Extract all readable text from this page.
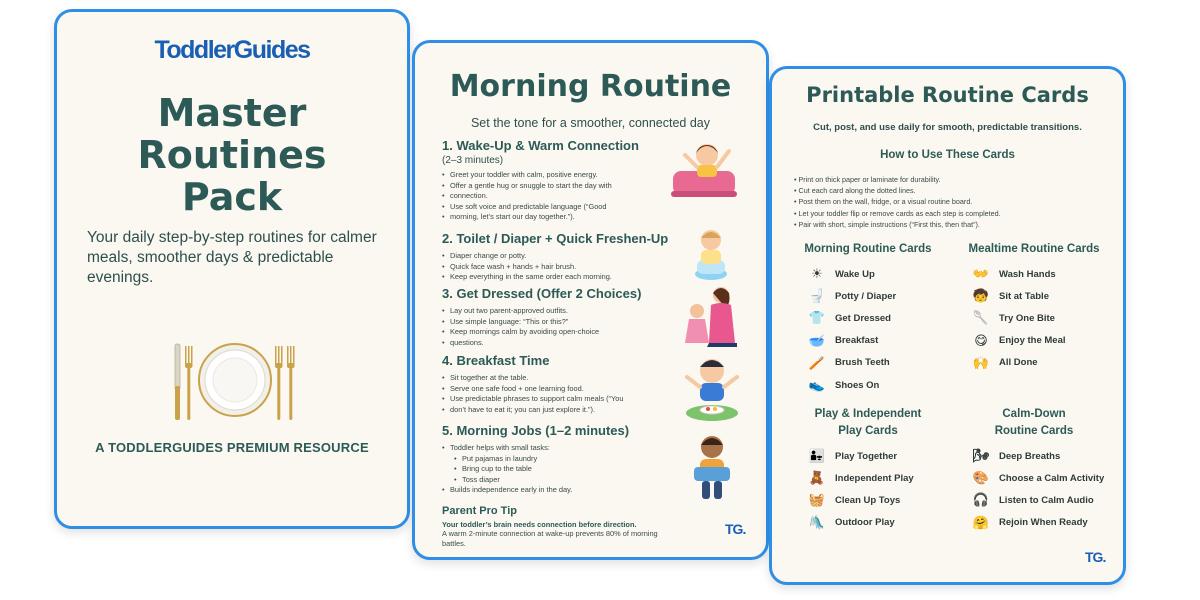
ToddlerGuides
Master
Routines
Pack
Your daily step-by-step routines for calmer meals, smoother days & predictable evenings.
A TODDLERGUIDES PREMIUM RESOURCE
Morning Routine
Set the tone for a smoother, connected day
1. Wake-Up & Warm Connection
(2–3 minutes)
• Greet your toddler with calm, positive energy.
• Offer a gentle hug or snuggle to start the day with
• connection.
• Use soft voice and predictable language (“Good
• morning, let’s start our day together.”).
2. Toilet / Diaper + Quick Freshen-Up
• Diaper change or potty.
• Quick face wash + hands + hair brush.
• Keep everything in the same order each morning.
3. Get Dressed (Offer 2 Choices)
• Lay out two parent-approved outfits.
• Use simple language: “This or this?”
• Keep mornings calm by avoiding open-choice
• questions.
4. Breakfast Time
• Sit together at the table.
• Serve one safe food + one learning food.
• Use predictable phrases to support calm meals (“You
• don’t have to eat it; you can just explore it.”).
5. Morning Jobs (1–2 minutes)
• Toddler helps with small tasks:
• Put pajamas in laundry
• Bring cup to the table
• Toss diaper
• Builds independence early in the day.
Parent Pro Tip
Your toddler’s brain needs connection before direction.
A warm 2-minute connection at wake-up prevents 80% of morning
battles.
TG.
Printable Routine Cards
Cut, post, and use daily for smooth, predictable transitions.
How to Use These Cards
• Print on thick paper or laminate for durability.
• Cut each card along the dotted lines.
• Post them on the wall, fridge, or a visual routine board.
• Let your toddler flip or remove cards as each step is completed.
• Pair with short, simple instructions (“First this, then that”).
Morning Routine Cards
☀	Wake Up
🚽 Potty / Diaper
👕 Get Dressed
🥣 Breakfast
🪥 Brush Teeth
👟 Shoes On
Mealtime Routine Cards
👐 Wash Hands
🧒 Sit at Table
🥄 Try One Bite
😋 Enjoy the Meal
🙌 All Done
Play & Independent
Play Cards
👨‍👧 Play Together
🧸 Independent Play
🧺 Clean Up Toys
🛝 Outdoor Play
Calm-Down
Routine Cards
🌬 Deep Breaths
🎨 Choose a Calm Activity
🎧 Listen to Calm Audio
🤗 Rejoin When Ready
TG.
